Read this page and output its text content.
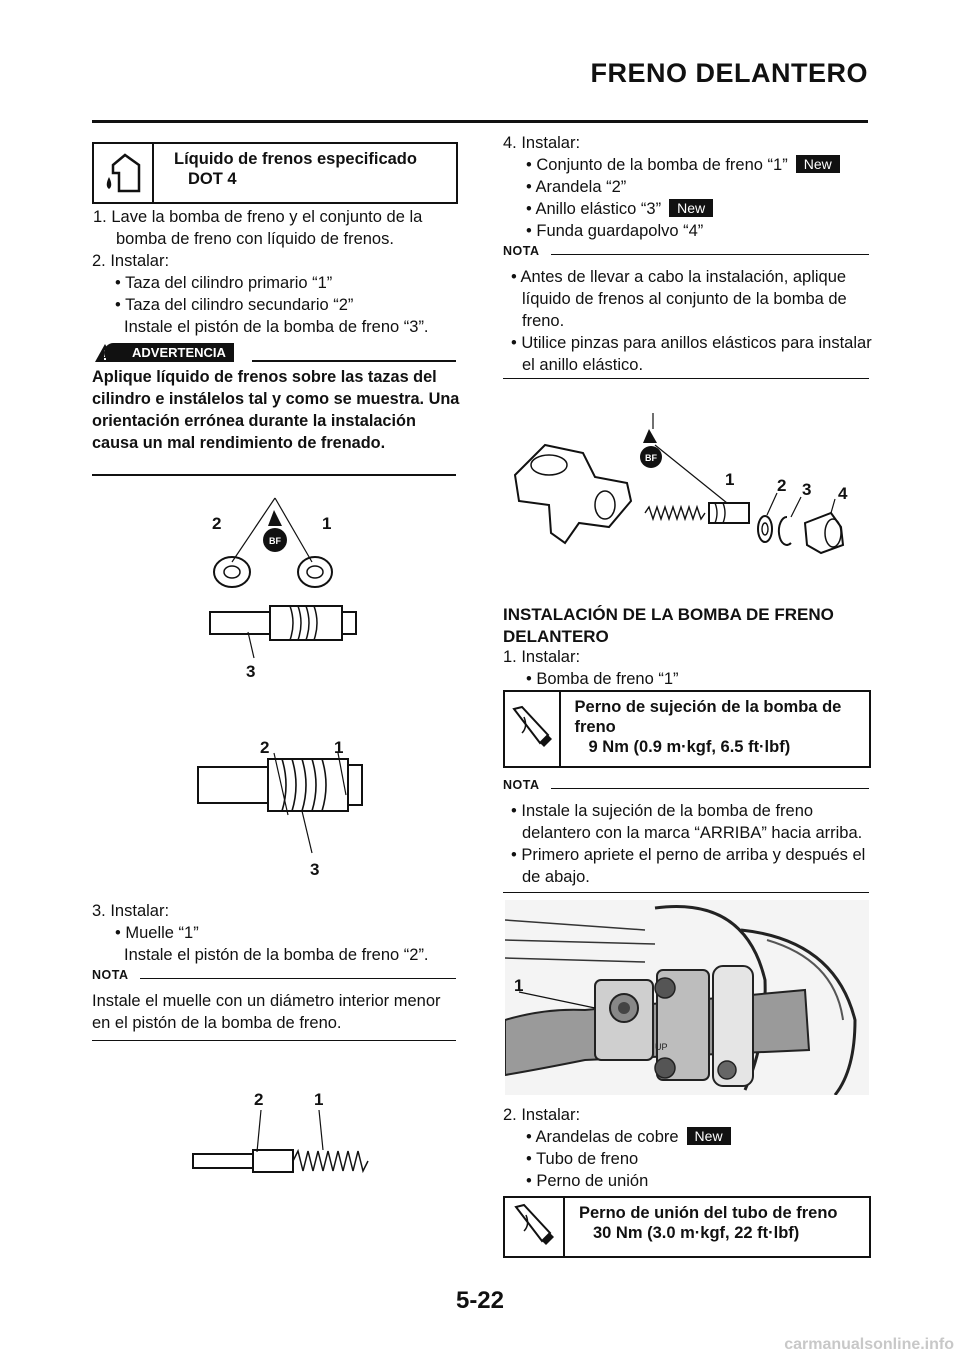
FRENO DELANTERO
Líquido de frenos especificado
DOT 4
1. Lave la bomba de freno y el conjunto de la bomba de freno con líquido de frenos.
2. Instalar:
• Taza del cilindro primario “1”
• Taza del cilindro secundario “2”
Instale el pistón de la bomba de freno “3”.
ADVERTENCIA
Aplique líquido de frenos sobre las tazas del cilindro e instálelos tal y como se muestra. Una orientación errónea durante la instalación causa un mal rendimiento de frenado.
BF
2	1
3
2	1
3
3. Instalar:
• Muelle “1”
Instale el pistón de la bomba de freno “2”.
NOTA
Instale el muelle con un diámetro interior menor en el pistón de la bomba de freno.
2	1
4. Instalar:
• Conjunto de la bomba de freno “1” New
• Arandela “2”
• Anillo elástico “3” New
• Funda guardapolvo “4”
NOTA
• Antes de llevar a cabo la instalación, aplique líquido de frenos al conjunto de la bomba de freno.
• Utilice pinzas para anillos elásticos para instalar el anillo elástico.
BF
1	2 3 4
INSTALACIÓN DE LA BOMBA DE FRENO DELANTERO
1. Instalar:
• Bomba de freno “1”
Perno de sujeción de la bomba de freno
9 Nm (0.9 m·kgf, 6.5 ft·lbf)
NOTA
• Instale la sujeción de la bomba de freno delantero con la marca “ARRIBA” hacia arriba.
• Primero apriete el perno de arriba y después el de abajo.
UP
1
2. Instalar:
• Arandelas de cobre New
• Tubo de freno
• Perno de unión
Perno de unión del tubo de freno
30 Nm (3.0 m·kgf, 22 ft·lbf)
5-22
carmanualsonline.info
